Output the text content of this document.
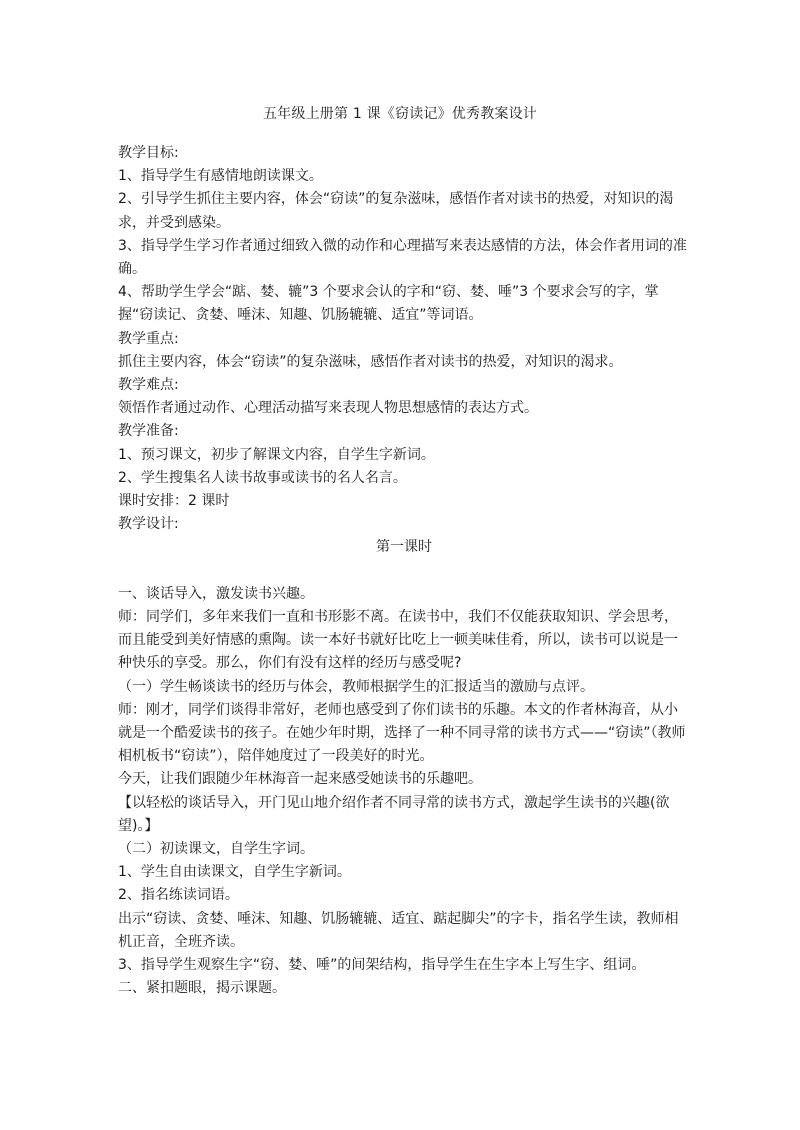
五年级上册第 1 课《窃读记》优秀教案设计

教学目标:

1、指导学生有感情地朗读课文。

2、引导学生抓住主要内容，体会“窃读”的复杂滋味，感悟作者对读书的热爱，对知识的渴求，并受到感染。

3、指导学生学习作者通过细致入微的动作和心理描写来表达感情的方法，体会作者用词的准确。

4、帮助学生学会“踮、婪、辘”3 个要求会认的字和“窃、婪、唾”3 个要求会写的字，掌握“窃读记、贪婪、唾沫、知趣、饥肠辘辘、适宜”等词语。

教学重点:

抓住主要内容，体会“窃读”的复杂滋味，感悟作者对读书的热爱，对知识的渴求。

教学难点:

领悟作者通过动作、心理活动描写来表现人物思想感情的表达方式。

教学准备:

1、预习课文，初步了解课文内容，自学生字新词。

2、学生搜集名人读书故事或读书的名人名言。

课时安排：2 课时

教学设计:

第一课时

一、谈话导入，激发读书兴趣。

师：同学们，多年来我们一直和书形影不离。在读书中，我们不仅能获取知识、学会思考，而且能受到美好情感的熏陶。读一本好书就好比吃上一顿美味佳肴，所以，读书可以说是一种快乐的享受。那么，你们有没有这样的经历与感受呢?

（一）学生畅谈读书的经历与体会，教师根据学生的汇报适当的激励与点评。

师：刚才，同学们谈得非常好，老师也感受到了你们读书的乐趣。本文的作者林海音，从小就是一个酷爱读书的孩子。在她少年时期，选择了一种不同寻常的读书方式——“窃读”（教师相机板书“窃读”），陪伴她度过了一段美好的时光。

今天，让我们跟随少年林海音一起来感受她读书的乐趣吧。

【以轻松的谈话导入，开门见山地介绍作者不同寻常的读书方式，激起学生读书的兴趣(欲望)。】

（二）初读课文，自学生字词。

1、学生自由读课文，自学生字新词。

2、指名练读词语。

出示“窃读、贪婪、唾沫、知趣、饥肠辘辘、适宜、踮起脚尖”的字卡，指名学生读，教师相机正音，全班齐读。

3、指导学生观察生字“窃、婪、唾”的间架结构，指导学生在生字本上写生字、组词。

二、紧扣题眼，揭示课题。
